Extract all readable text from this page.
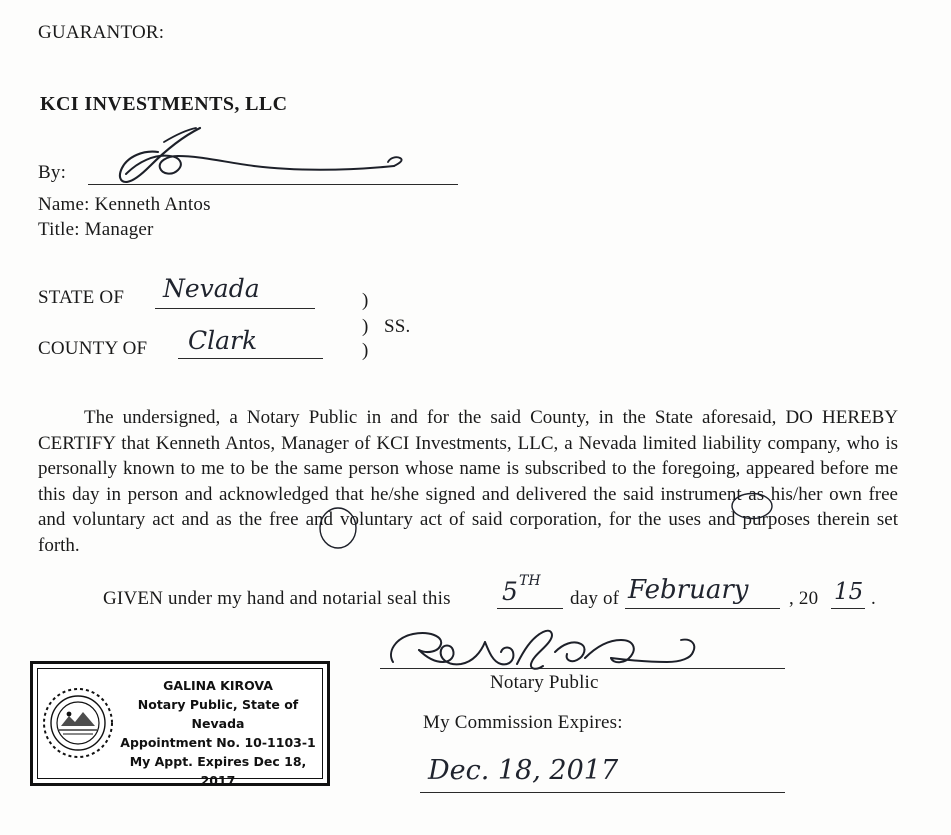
GUARANTOR:
KCI INVESTMENTS, LLC
By:
Name: Kenneth Antos
Title: Manager
STATE OF Nevada
COUNTY OF Clark
)
)
)
SS.
The undersigned, a Notary Public in and for the said County, in the State aforesaid, DO HEREBY CERTIFY that Kenneth Antos, Manager of KCI Investments, LLC, a Nevada limited liability company, who is personally known to me to be the same person whose name is subscribed to the foregoing, appeared before me this day in person and acknowledged that he/she signed and delivered the said instrument as his/her own free and voluntary act and as the free and voluntary act of said corporation, for the uses and purposes therein set forth.
GIVEN under my hand and notarial seal this 5 TH
day of February , 20 15 .
Notary Public
My Commission Expires:
Dec. 18, 2017
GALINA KIROVA
Notary Public, State of Nevada
Appointment No. 10-1103-1
My Appt. Expires Dec 18, 2017
